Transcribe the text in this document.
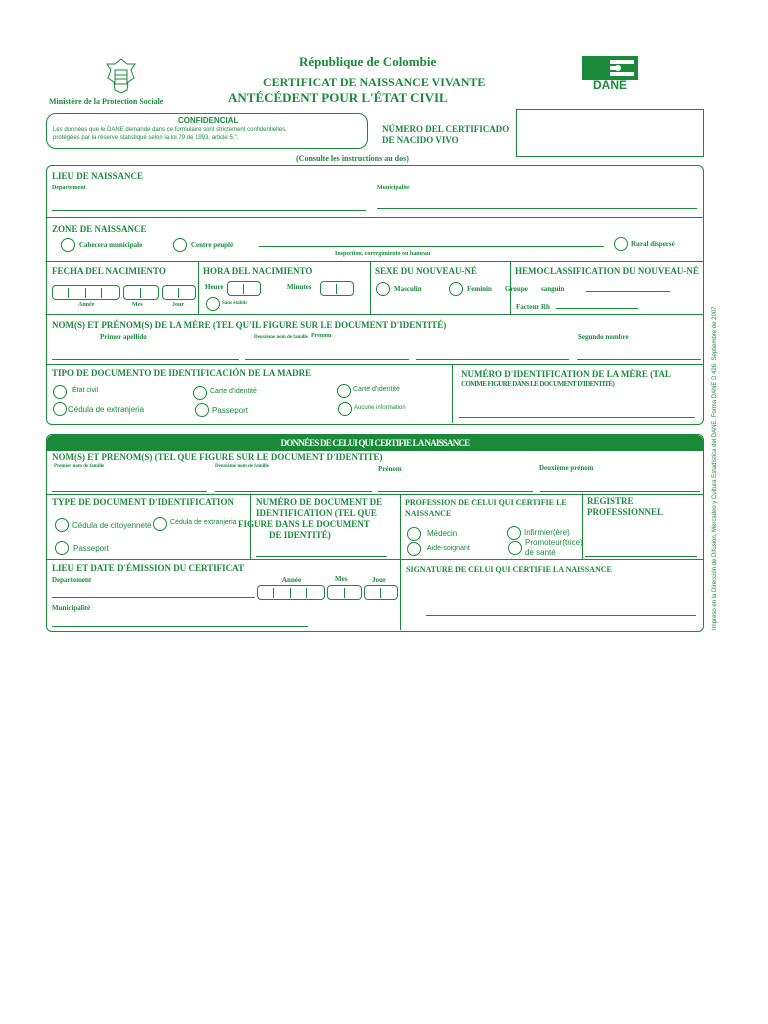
Ministère de la Protection Sociale
République de Colombie
CERTIFICAT DE NAISSANCE VIVANTE
ANTÉCÉDENT POUR L'ÉTAT CIVIL
DANE
CONFIDENCIAL
Les données que le DANE demande dans ce formulaire sont strictement confidentielles,
protégées par la réserve statistique selon la loi 79 de 1993, article 5.".
NÚMERO DEL CERTIFICADO
DE NACIDO VIVO
(Consulte les instructions au dos)
LIEU DE NAISSANCE
Departement	Municipalite
ZONE DE NAISSANCE
Cabecera municipale	Centre peuplé
Inspection, corregimiento ou hameau
Rural dispersé
FECHA DEL NACIMIENTO
Année	Mes	Jour
HORA DEL NACIMIENTO
Heure	Minutes
Sans établir
SEXE DU NOUVEAU-NÉ
Masculin	Feminin Groupe
HEMOCLASSIFICATION DU NOUVEAU-NÉ
sanguin
Facteur Rh
NOM(S) ET PRÉNOM(S) DE LA MÈRE (TEL QU'IL FIGURE SUR LE DOCUMENT D'IDENTITÉ)
Primer apellido	Deuxième nom de famille Prenom	Segundo nombre
TIPO DE DOCUMENTO DE IDENTIFICACIÓN DE LA MADRE
État civil	Carte d'identité	Carte d'identité
Cédula de extranjeria	Passeport	Aucune information
NUMÉRO D'IDENTIFICATION DE LA MÈRE (TAL
COMME FIGURE DANS LE DOCUMENT D'IDENTITÉ)
DONNÉES DE CELUI QUI CERTIFIE LA NAISSANCE
NOM(S) ET PRENOM(S) (TEL QUE FIGURE SUR LE DOCUMENT D'IDENTITE)
Premier nom de famille	Deuxième nom de famille	Prénom	Deuxième prénom
TYPE DE DOCUMENT D'IDENTIFICATION
Cédula de citoyenneté	Cédula de extranjeria
Passeport
NUMÉRO DE DOCUMENT DE
IDENTIFICATION (TEL QUE
FIGURE DANS LE DOCUMENT
DE IDENTITÉ)
PROFESSION DE CELUI QUI CERTIFIE LE
NAISSANCE
Médecin	Infirmier(ère)
Aide-soignant
Promoteur(trice)
de santé
REGISTRE
PROFESSIONNEL
LIEU ET DATE D'ÉMISSION DU CERTIFICAT
Departement	Année	Mes	Jour
Municipalité
SIGNATURE DE CELUI QUI CERTIFIE LA NAISSANCE	Impreso en la Dirección de Difusión, Mercadeo y Cultura Estadística del DANE. Forma DANE D 426. Septiembre de 2007
